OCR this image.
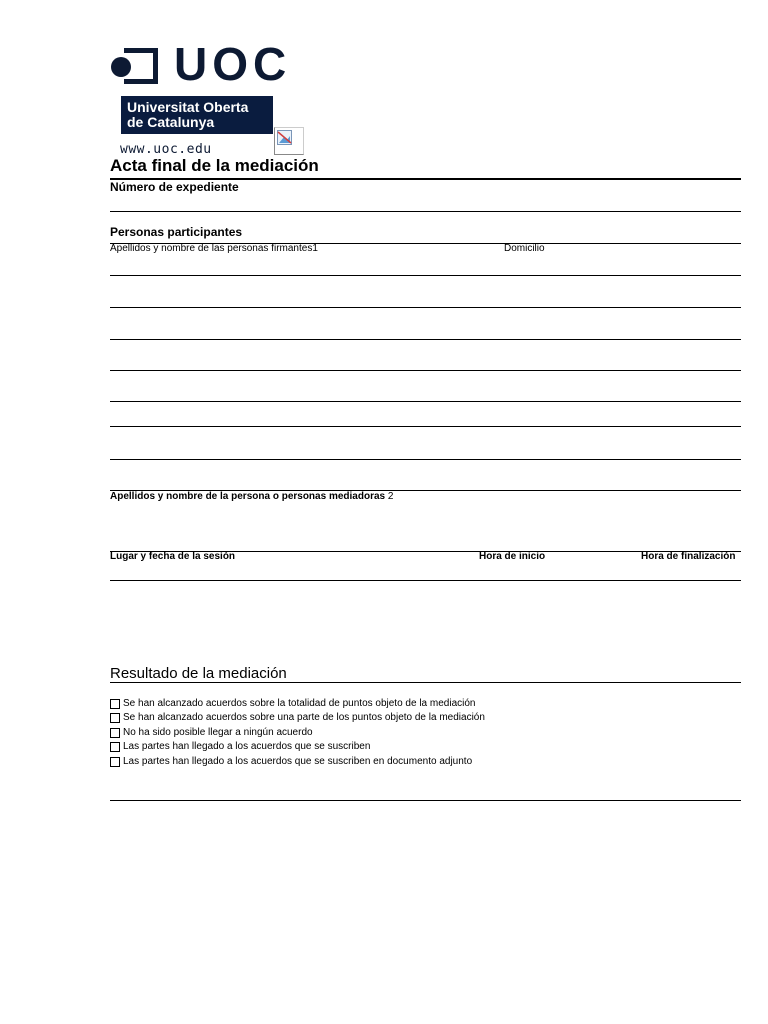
UOC
Universitat Oberta
de Catalunya
www.uoc.edu
Acta final de la mediación
Número de expediente
Personas participantes
Apellidos y nombre de las personas firmantes1	Domicilio
Apellidos y nombre de la persona o personas mediadoras 2
Lugar y fecha de la sesión	Hora de inicio	Hora de finalización
Resultado de la mediación
Se han alcanzado acuerdos sobre la totalidad de puntos objeto de la mediación
Se han alcanzado acuerdos sobre una parte de los puntos objeto de la mediación
No ha sido posible llegar a ningún acuerdo
Las partes han llegado a los acuerdos que se suscriben
Las partes han llegado a los acuerdos que se suscriben en documento adjunto
